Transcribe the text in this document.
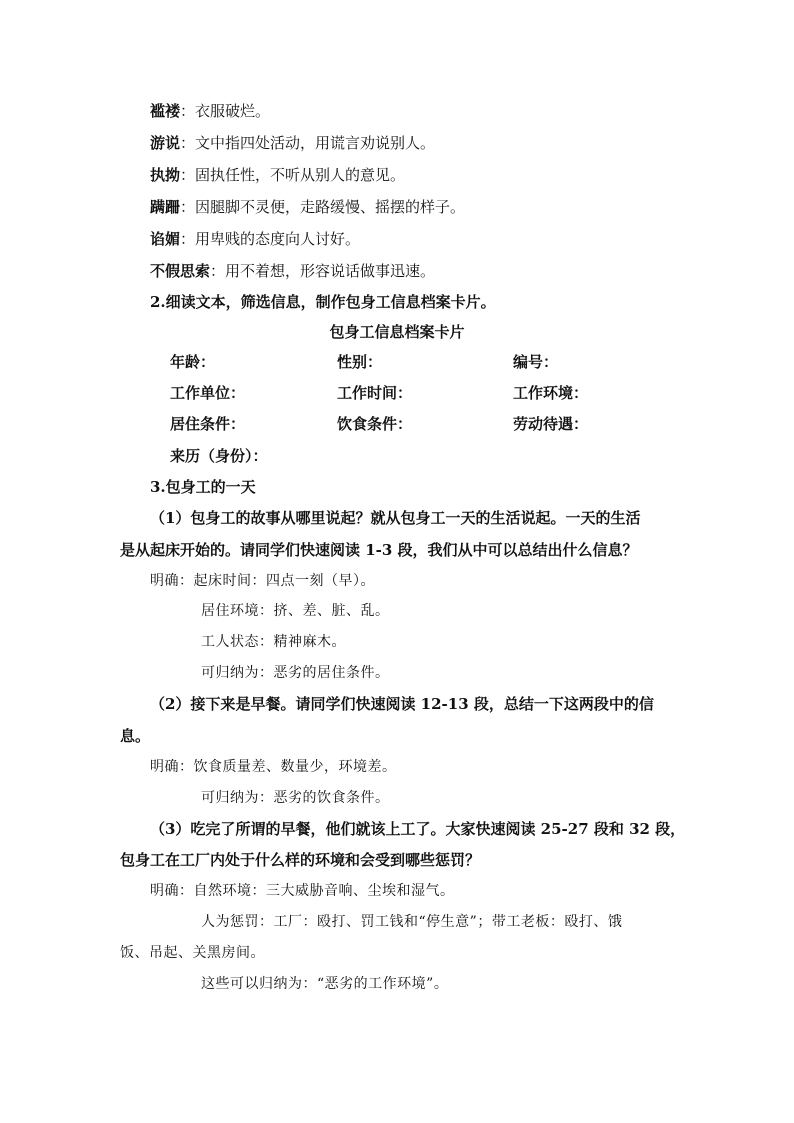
褴褛：衣服破烂。
游说：文中指四处活动，用谎言劝说别人。
执拗：固执任性，不听从别人的意见。
蹒跚：因腿脚不灵便，走路缓慢、摇摆的样子。
谄媚：用卑贱的态度向人讨好。
不假思索：用不着想，形容说话做事迅速。
2.细读文本，筛选信息，制作包身工信息档案卡片。
包身工信息档案卡片
年龄：	性别：	编号：
工作单位：	工作时间：	工作环境：
居住条件：	饮食条件：	劳动待遇：
来历（身份）：
3.包身工的一天
（1）包身工的故事从哪里说起？就从包身工一天的生活说起。一天的生活
是从起床开始的。请同学们快速阅读 1-3 段，我们从中可以总结出什么信息？
明确：起床时间：四点一刻（早）。
居住环境：挤、差、脏、乱。
工人状态：精神麻木。
可归纳为：恶劣的居住条件。
（2）接下来是早餐。请同学们快速阅读 12-13 段，总结一下这两段中的信
息。
明确：饮食质量差、数量少，环境差。
可归纳为：恶劣的饮食条件。
（3）吃完了所谓的早餐，他们就该上工了。大家快速阅读 25-27 段和 32 段，
包身工在工厂内处于什么样的环境和会受到哪些惩罚？
明确：自然环境：三大威胁音响、尘埃和湿气。
人为惩罚：工厂：殴打、罚工钱和“停生意”；带工老板：殴打、饿
饭、吊起、关黑房间。
这些可以归纳为：“恶劣的工作环境”。
